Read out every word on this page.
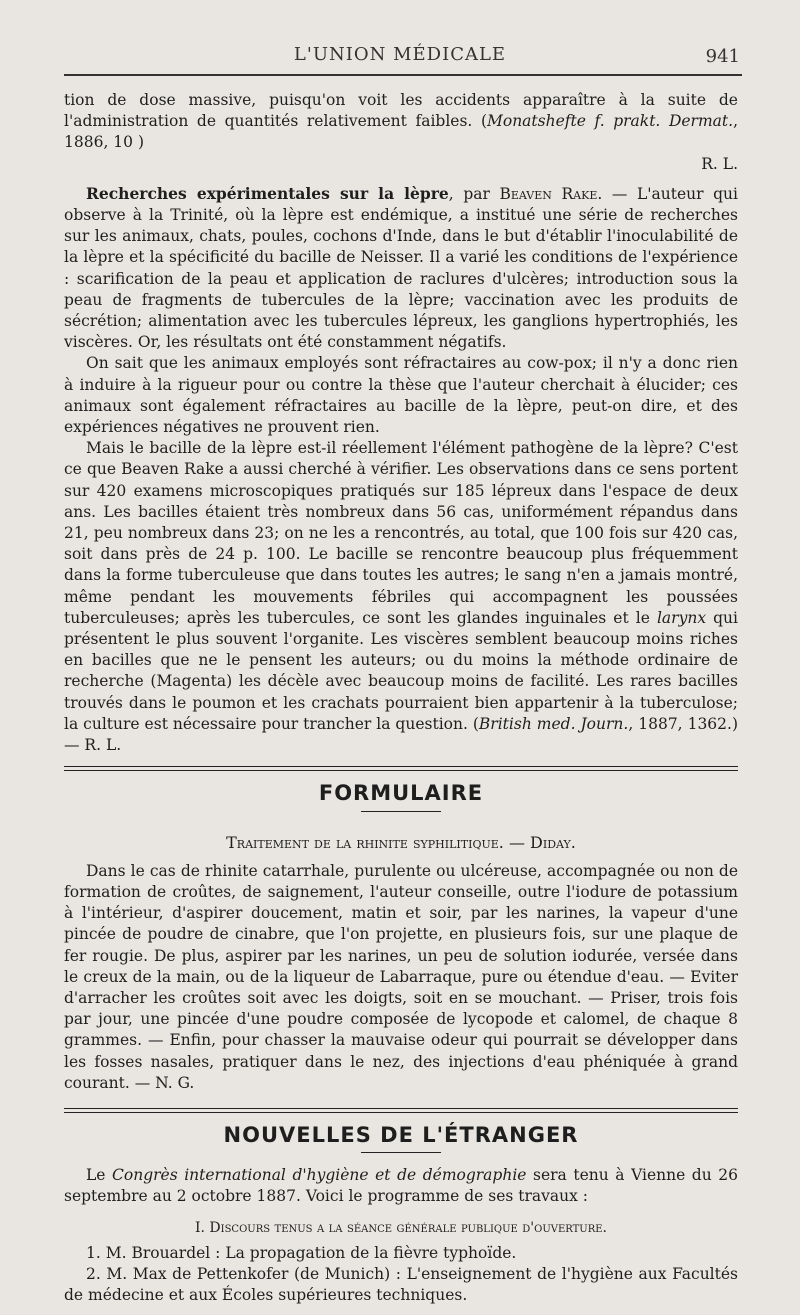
L'UNION MÉDICALE	941

tion de dose massive, puisqu'on voit les accidents apparaître à la suite de l'administration de quantités relativement faibles. (Monatshefte f. prakt. Dermat., 1886, 10 )

R. L.

Recherches expérimentales sur la lèpre, par Beaven Rake. — L'auteur qui observe à la Trinité, où la lèpre est endémique, a institué une série de recherches sur les animaux, chats, poules, cochons d'Inde, dans le but d'établir l'inoculabilité de la lèpre et la spécificité du bacille de Neisser. Il a varié les conditions de l'expérience : scarification de la peau et application de raclures d'ulcères; introduction sous la peau de fragments de tubercules de la lèpre; vaccination avec les produits de sécrétion; alimentation avec les tubercules lépreux, les ganglions hypertrophiés, les viscères. Or, les résultats ont été constamment négatifs.

On sait que les animaux employés sont réfractaires au cow-pox; il n'y a donc rien à induire à la rigueur pour ou contre la thèse que l'auteur cherchait à élucider; ces animaux sont également réfractaires au bacille de la lèpre, peut-on dire, et des expériences négatives ne prouvent rien.

Mais le bacille de la lèpre est-il réellement l'élément pathogène de la lèpre? C'est ce que Beaven Rake a aussi cherché à vérifier. Les observations dans ce sens portent sur 420 examens microscopiques pratiqués sur 185 lépreux dans l'espace de deux ans. Les bacilles étaient très nombreux dans 56 cas, uniformément répandus dans 21, peu nombreux dans 23; on ne les a rencontrés, au total, que 100 fois sur 420 cas, soit dans près de 24 p. 100. Le bacille se rencontre beaucoup plus fréquemment dans la forme tuberculeuse que dans toutes les autres; le sang n'en a jamais montré, même pendant les mouvements fébriles qui accompagnent les poussées tuberculeuses; après les tubercules, ce sont les glandes inguinales et le larynx qui présentent le plus souvent l'organite. Les viscères semblent beaucoup moins riches en bacilles que ne le pensent les auteurs; ou du moins la méthode ordinaire de recherche (Magenta) les décèle avec beaucoup moins de facilité. Les rares bacilles trouvés dans le poumon et les crachats pourraient bien appartenir à la tuberculose; la culture est nécessaire pour trancher la question. (British med. Journ., 1887, 1362.) — R. L.

FORMULAIRE

Traitement de la rhinite syphilitique. — Diday.

Dans le cas de rhinite catarrhale, purulente ou ulcéreuse, accompagnée ou non de formation de croûtes, de saignement, l'auteur conseille, outre l'iodure de potassium à l'intérieur, d'aspirer doucement, matin et soir, par les narines, la vapeur d'une pincée de poudre de cinabre, que l'on projette, en plusieurs fois, sur une plaque de fer rougie. De plus, aspirer par les narines, un peu de solution iodurée, versée dans le creux de la main, ou de la liqueur de Labarraque, pure ou étendue d'eau. — Eviter d'arracher les croûtes soit avec les doigts, soit en se mouchant. — Priser, trois fois par jour, une pincée d'une poudre composée de lycopode et calomel, de chaque 8 grammes. — Enfin, pour chasser la mauvaise odeur qui pourrait se développer dans les fosses nasales, pratiquer dans le nez, des injections d'eau phéniquée à grand courant. — N. G.

NOUVELLES DE L'ÉTRANGER

Le Congrès international d'hygiène et de démographie sera tenu à Vienne du 26 septembre au 2 octobre 1887. Voici le programme de ses travaux :

I. Discours tenus a la séance générale publique d'ouverture.

1. M. Brouardel : La propagation de la fièvre typhoïde.

2. M. Max de Pettenkofer (de Munich) : L'enseignement de l'hygiène aux Facultés de médecine et aux Écoles supérieures techniques.
